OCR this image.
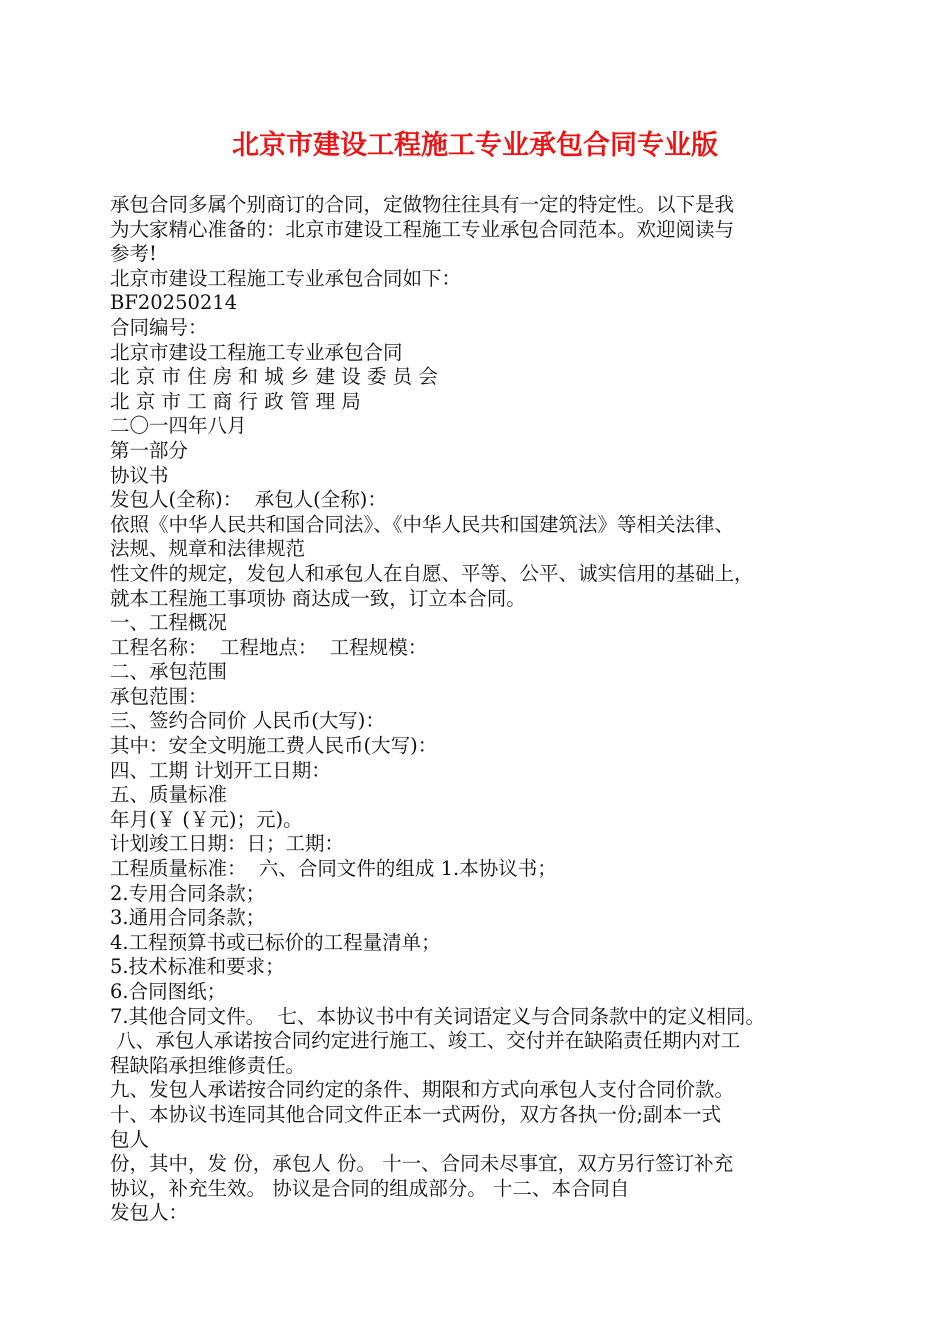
北京市建设工程施工专业承包合同专业版
承包合同多属个别商订的合同，定做物往往具有一定的特定性。以下是我
为大家精心准备的：北京市建设工程施工专业承包合同范本。欢迎阅读与
参考!
北京市建设工程施工专业承包合同如下：
BF20250214
合同编号：
北京市建设工程施工专业承包合同
北 京 市 住 房 和 城 乡 建 设 委 员 会
北 京 市 工 商 行 政 管 理 局
二〇一四年八月
第一部分
协议书
发包人(全称)：  承包人(全称)：
依照《中华人民共和国合同法》、《中华人民共和国建筑法》等相关法律、
法规、规章和法律规范
性文件的规定，发包人和承包人在自愿、平等、公平、诚实信用的基础上，
就本工程施工事项协 商达成一致，订立本合同。
一、工程概况
工程名称：  工程地点：  工程规模：
二、承包范围
承包范围：
三、签约合同价 人民币(大写)：
其中：安全文明施工费人民币(大写)：
四、工期 计划开工日期：
五、质量标准
年月(￥ (￥元)；元)。
计划竣工日期：日；工期：
工程质量标准：  六、合同文件的组成 1.本协议书；
2.专用合同条款；
3.通用合同条款；
4.工程预算书或已标价的工程量清单；
5.技术标准和要求；
6.合同图纸；
7.其他合同文件。  七、本协议书中有关词语定义与合同条款中的定义相同。
八、承包人承诺按合同约定进行施工、竣工、交付并在缺陷责任期内对工
程缺陷承担维修责任。
九、发包人承诺按合同约定的条件、期限和方式向承包人支付合同价款。
十、本协议书连同其他合同文件正本一式两份，双方各执一份;副本一式
包人
份，其中，发 份，承包人 份。 十一、合同未尽事宜，双方另行签订补充
协议，补充生效。 协议是合同的组成部分。 十二、本合同自
发包人：
